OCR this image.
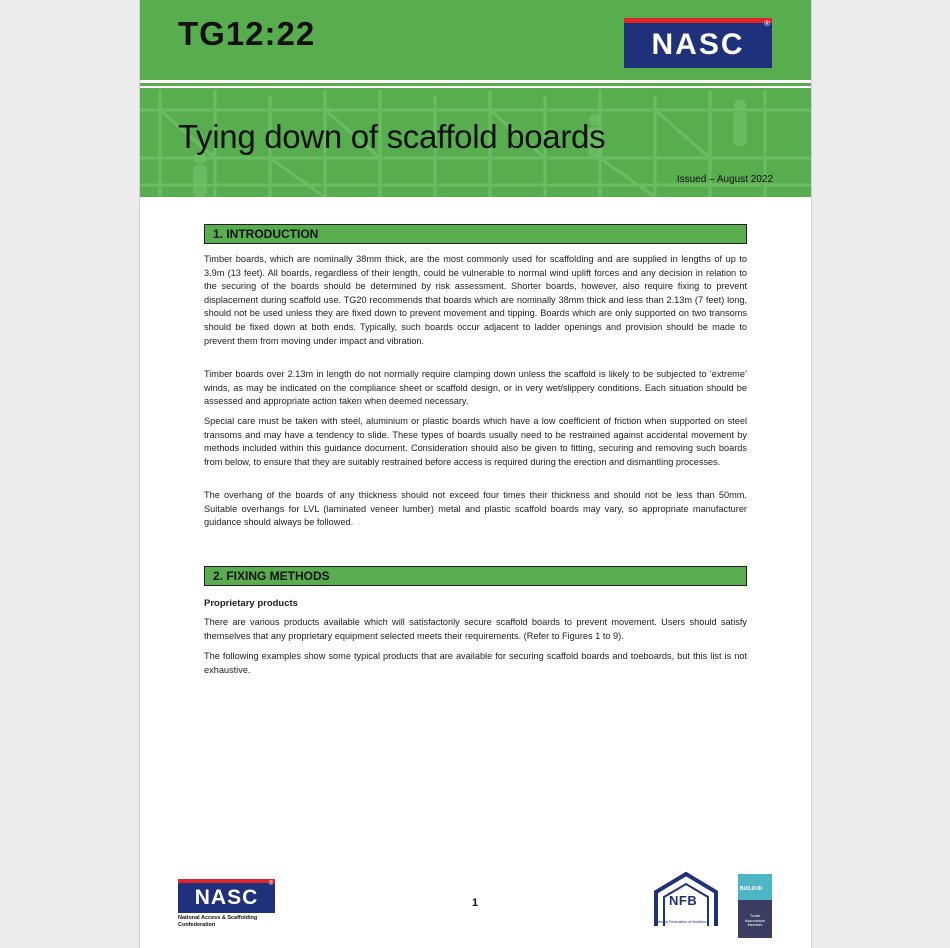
TG12:22	NASC
®
Tying down of scaffold boards
Issued – August 2022
1. INTRODUCTION

Timber boards, which are nominally 38mm thick, are the most commonly used for scaffolding and are supplied in lengths of up to 3.9m (13 feet). All boards, regardless of their length, could be vulnerable to normal wind uplift forces and any decision in relation to the securing of the boards should be determined by risk assessment. Shorter boards, however, also require fixing to prevent displacement during scaffold use. TG20 recommends that boards which are nominally 38mm thick and less than 2.13m (7 feet) long, should not be used unless they are fixed down to prevent movement and tipping. Boards which are only supported on two transoms should be fixed down at both ends. Typically, such boards occur adjacent to ladder openings and provision should be made to prevent them from moving under impact and vibration.

Timber boards over 2.13m in length do not normally require clamping down unless the scaffold is likely to be subjected to ‘extreme’ winds, as may be indicated on the compliance sheet or scaffold design, or in very wet/slippery conditions. Each situation should be assessed and appropriate action taken when deemed necessary.

Special care must be taken with steel, aluminium or plastic boards which have a low coefficient of friction when supported on steel transoms and may have a tendency to slide. These types of boards usually need to be restrained against accidental movement by methods included within this guidance document. Consideration should also be given to fitting, securing and removing such boards from below, to ensure that they are suitably restrained before access is required during the erection and dismantling processes.

The overhang of the boards of any thickness should not exceed four times their thickness and should not be less than 50mm. Suitable overhangs for LVL (laminated veneer lumber) metal and plastic scaffold boards may vary, so appropriate manufacturer guidance should always be followed.

2. FIXING METHODS
Proprietary products

There are various products available which will satisfactorily secure scaffold boards to prevent movement. Users should satisfy themselves that any proprietary equipment selected meets their requirements. (Refer to Figures 1 to 9).

The following examples show some typical products that are available for securing scaffold boards and toeboards, but this list is not exhaustive.

NASC
®
National Access & Scaffolding
Confederation
1	NFB
National Federation of Builders
BUILDUK
Trade
Association
Member
